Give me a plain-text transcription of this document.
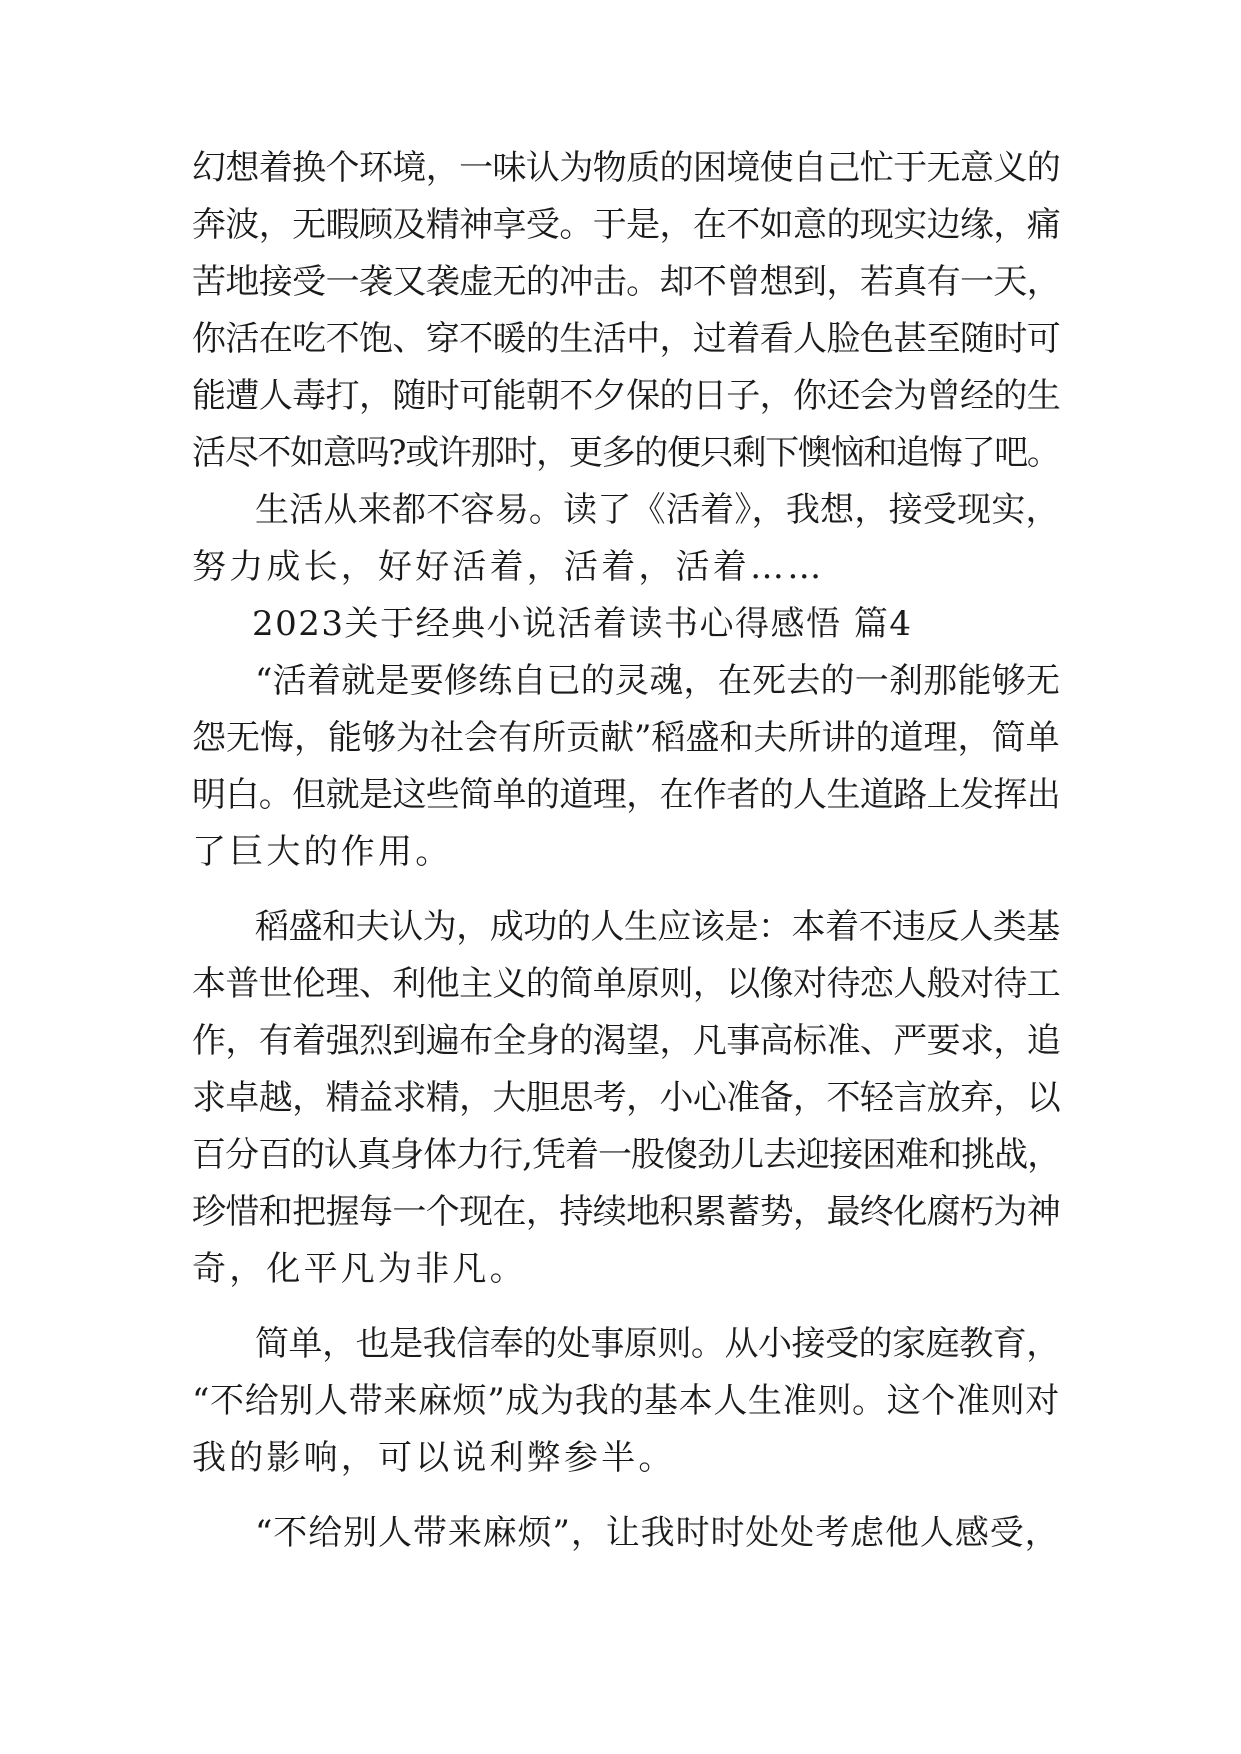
幻想着换个环境，一味认为物质的困境使自己忙于无意义的
奔波，无暇顾及精神享受。于是，在不如意的现实边缘，痛
苦地接受一袭又袭虚无的冲击。却不曾想到，若真有一天，
你活在吃不饱、穿不暖的生活中，过着看人脸色甚至随时可
能遭人毒打，随时可能朝不夕保的日子，你还会为曾经的生
活尽不如意吗?或许那时，更多的便只剩下懊恼和追悔了吧。
生活从来都不容易。读了《活着》，我想，接受现实，
努力成长，好好活着，活着，活着……
2023关于经典小说活着读书心得感悟 篇4
“活着就是要修练自已的灵魂，在死去的一刹那能够无
怨无悔，能够为社会有所贡献”稻盛和夫所讲的道理，简单
明白。但就是这些简单的道理，在作者的人生道路上发挥出
了巨大的作用。
稻盛和夫认为，成功的人生应该是：本着不违反人类基
本普世伦理、利他主义的简单原则，以像对待恋人般对待工
作，有着强烈到遍布全身的渴望，凡事高标准、严要求，追
求卓越，精益求精，大胆思考，小心准备，不轻言放弃，以
百分百的认真身体力行,凭着一股傻劲儿去迎接困难和挑战，
珍惜和把握每一个现在，持续地积累蓄势，最终化腐朽为神
奇，化平凡为非凡。
简单，也是我信奉的处事原则。从小接受的家庭教育，
“不给别人带来麻烦”成为我的基本人生准则。这个准则对
我的影响，可以说利弊参半。
“不给别人带来麻烦”，让我时时处处考虑他人感受，
